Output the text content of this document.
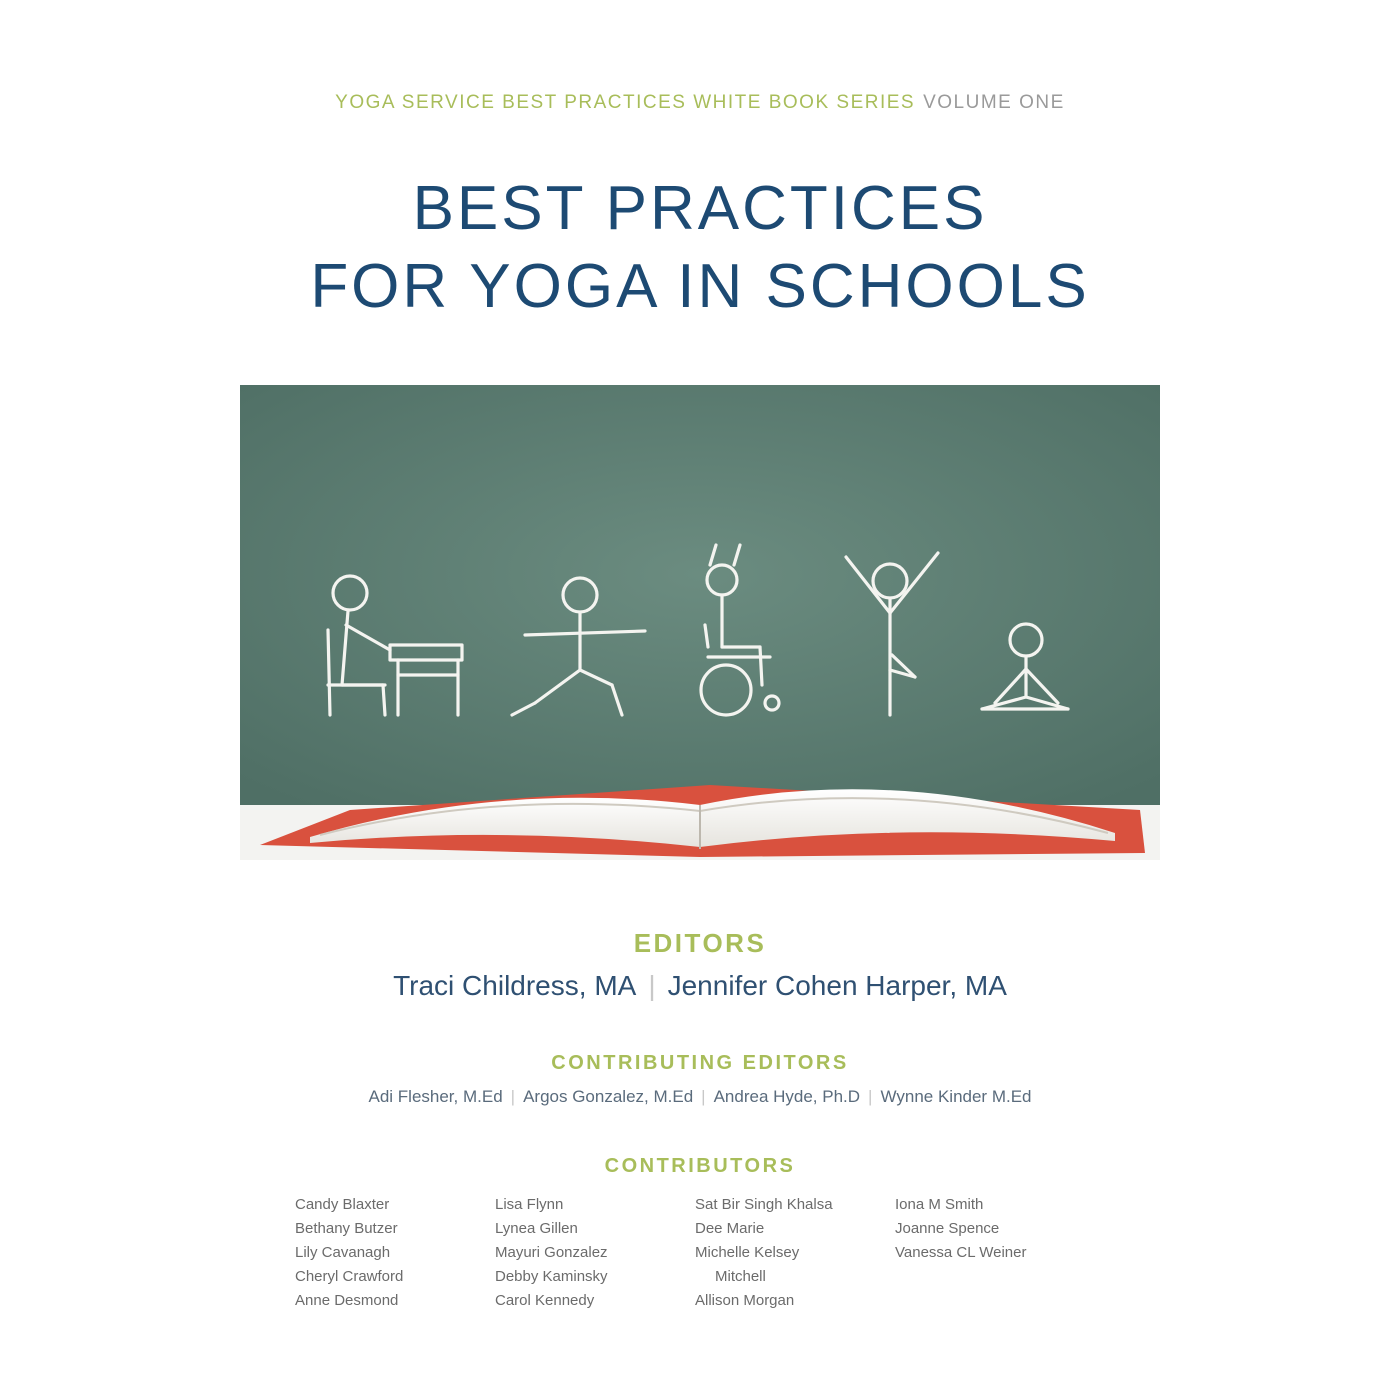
YOGA SERVICE BEST PRACTICES WHITE BOOK SERIES VOLUME ONE
BEST PRACTICES
FOR YOGA IN SCHOOLS
EDITORS
Traci Childress, MA | Jennifer Cohen Harper, MA
CONTRIBUTING EDITORS
Adi Flesher, M.Ed | Argos Gonzalez, M.Ed | Andrea Hyde, Ph.D | Wynne Kinder M.Ed
CONTRIBUTORS
Candy Blaxter
Bethany Butzer
Lily Cavanagh
Cheryl Crawford
Anne Desmond
Lisa Flynn
Lynea Gillen
Mayuri Gonzalez
Debby Kaminsky
Carol Kennedy
Sat Bir Singh Khalsa
Dee Marie
Michelle Kelsey
Mitchell
Allison Morgan
Iona M Smith
Joanne Spence
Vanessa CL Weiner
